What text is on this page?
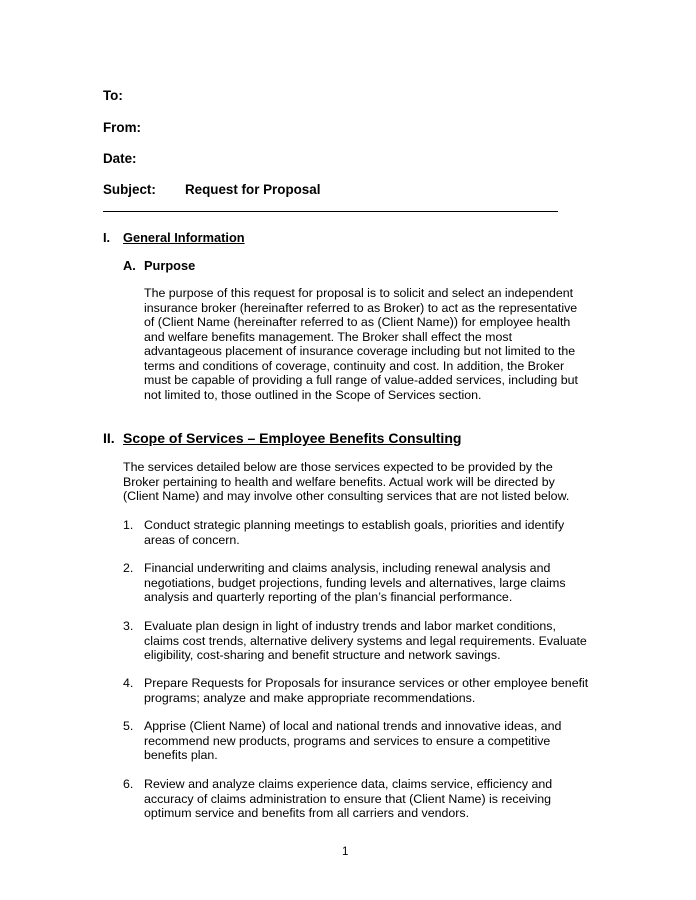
To:
From:
Date:
Subject: Request for Proposal
I. General Information
A. Purpose
The purpose of this request for proposal is to solicit and select an independent
insurance broker (hereinafter referred to as Broker) to act as the representative
of (Client Name (hereinafter referred to as (Client Name)) for employee health
and welfare benefits management. The Broker shall effect the most
advantageous placement of insurance coverage including but not limited to the
terms and conditions of coverage, continuity and cost. In addition, the Broker
must be capable of providing a full range of value-added services, including but
not limited to, those outlined in the Scope of Services section.
II. Scope of Services – Employee Benefits Consulting
The services detailed below are those services expected to be provided by the
Broker pertaining to health and welfare benefits. Actual work will be directed by
(Client Name) and may involve other consulting services that are not listed below.
1. Conduct strategic planning meetings to establish goals, priorities and identify
areas of concern.
2. Financial underwriting and claims analysis, including renewal analysis and
negotiations, budget projections, funding levels and alternatives, large claims
analysis and quarterly reporting of the plan’s financial performance.
3. Evaluate plan design in light of industry trends and labor market conditions,
claims cost trends, alternative delivery systems and legal requirements. Evaluate
eligibility, cost-sharing and benefit structure and network savings.
4. Prepare Requests for Proposals for insurance services or other employee benefit
programs; analyze and make appropriate recommendations.
5. Apprise (Client Name) of local and national trends and innovative ideas, and
recommend new products, programs and services to ensure a competitive
benefits plan.
6. Review and analyze claims experience data, claims service, efficiency and
accuracy of claims administration to ensure that (Client Name) is receiving
optimum service and benefits from all carriers and vendors.
1
